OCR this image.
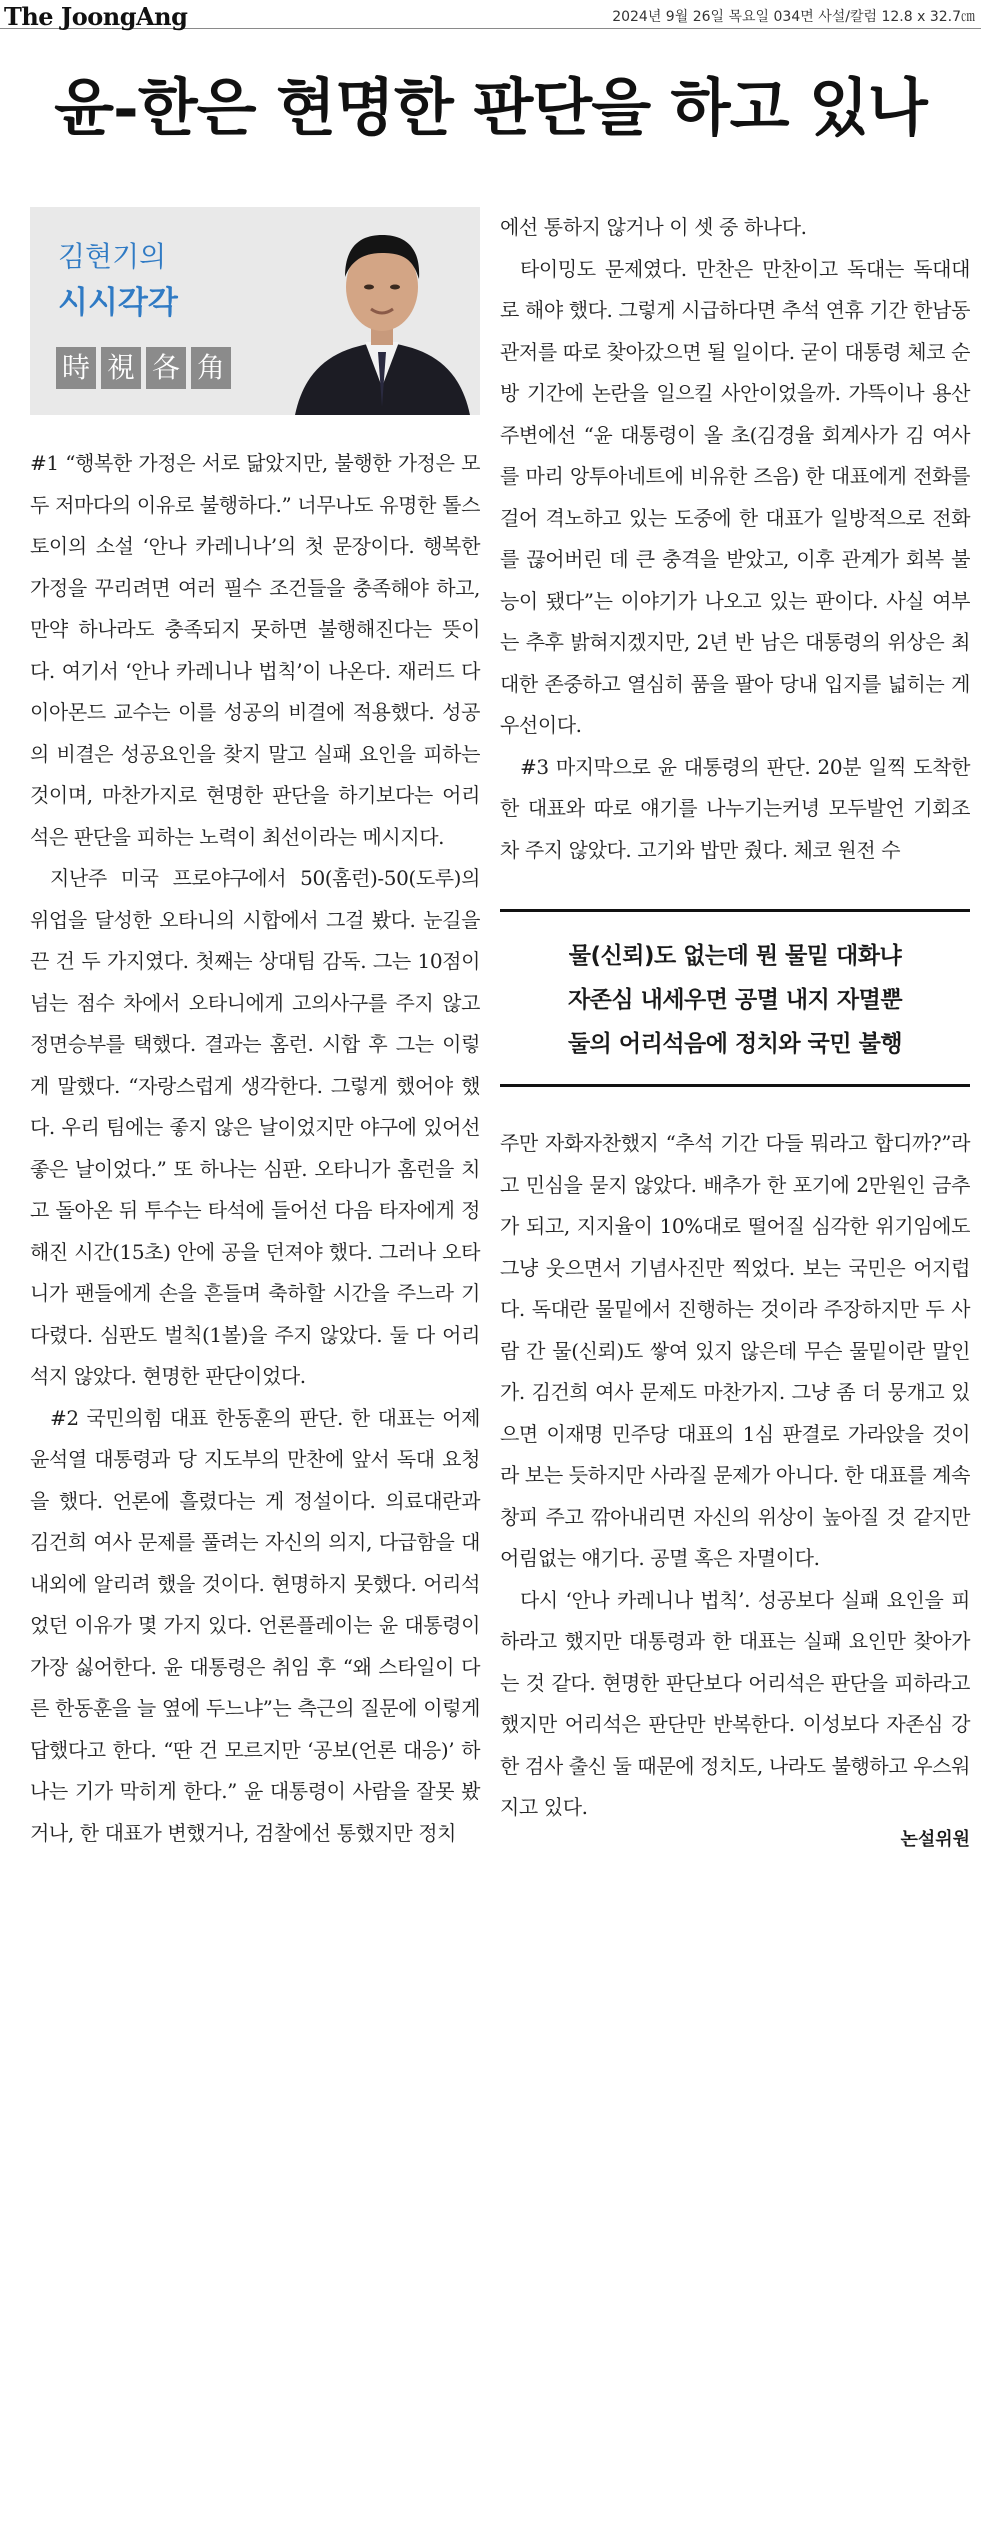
The JoongAng	2024년 9월 26일 목요일 034면 사설/칼럼 12.8 x 32.7㎝
윤-한은 현명한 판단을 하고 있나
김현기의
시시각각
時 視 各 角

#1 “행복한 가정은 서로 닮았지만, 불행한 가정은 모두 저마다의 이유로 불행하다.” 너무나도 유명한 톨스토이의 소설 ‘안나 카레니나’의 첫 문장이다. 행복한 가정을 꾸리려면 여러 필수 조건들을 충족해야 하고, 만약 하나라도 충족되지 못하면 불행해진다는 뜻이다. 여기서 ‘안나 카레니나 법칙’이 나온다. 재러드 다이아몬드 교수는 이를 성공의 비결에 적용했다. 성공의 비결은 성공요인을 찾지 말고 실패 요인을 피하는 것이며, 마찬가지로 현명한 판단을 하기보다는 어리석은 판단을 피하는 노력이 최선이라는 메시지다.

지난주 미국 프로야구에서 50(홈런)-50(도루)의 위업을 달성한 오타니의 시합에서 그걸 봤다. 눈길을 끈 건 두 가지였다. 첫째는 상대팀 감독. 그는 10점이 넘는 점수 차에서 오타니에게 고의사구를 주지 않고 정면승부를 택했다. 결과는 홈런. 시합 후 그는 이렇게 말했다. “자랑스럽게 생각한다. 그렇게 했어야 했다. 우리 팀에는 좋지 않은 날이었지만 야구에 있어선 좋은 날이었다.” 또 하나는 심판. 오타니가 홈런을 치고 돌아온 뒤 투수는 타석에 들어선 다음 타자에게 정해진 시간(15초) 안에 공을 던져야 했다. 그러나 오타니가 팬들에게 손을 흔들며 축하할 시간을 주느라 기다렸다. 심판도 벌칙(1볼)을 주지 않았다. 둘 다 어리석지 않았다. 현명한 판단이었다.

#2 국민의힘 대표 한동훈의 판단. 한 대표는 어제 윤석열 대통령과 당 지도부의 만찬에 앞서 독대 요청을 했다. 언론에 흘렸다는 게 정설이다. 의료대란과 김건희 여사 문제를 풀려는 자신의 의지, 다급함을 대내외에 알리려 했을 것이다. 현명하지 못했다. 어리석었던 이유가 몇 가지 있다. 언론플레이는 윤 대통령이 가장 싫어한다. 윤 대통령은 취임 후 “왜 스타일이 다른 한동훈을 늘 옆에 두느냐”는 측근의 질문에 이렇게 답했다고 한다. “딴 건 모르지만 ‘공보(언론 대응)’ 하나는 기가 막히게 한다.” 윤 대통령이 사람을 잘못 봤거나, 한 대표가 변했거나, 검찰에선 통했지만 정치

에선 통하지 않거나 이 셋 중 하나다.

타이밍도 문제였다. 만찬은 만찬이고 독대는 독대대로 해야 했다. 그렇게 시급하다면 추석 연휴 기간 한남동 관저를 따로 찾아갔으면 될 일이다. 굳이 대통령 체코 순방 기간에 논란을 일으킬 사안이었을까. 가뜩이나 용산 주변에선 “윤 대통령이 올 초(김경율 회계사가 김 여사를 마리 앙투아네트에 비유한 즈음) 한 대표에게 전화를 걸어 격노하고 있는 도중에 한 대표가 일방적으로 전화를 끊어버린 데 큰 충격을 받았고, 이후 관계가 회복 불능이 됐다”는 이야기가 나오고 있는 판이다. 사실 여부는 추후 밝혀지겠지만, 2년 반 남은 대통령의 위상은 최대한 존중하고 열심히 품을 팔아 당내 입지를 넓히는 게 우선이다.

#3 마지막으로 윤 대통령의 판단. 20분 일찍 도착한 한 대표와 따로 얘기를 나누기는커녕 모두발언 기회조차 주지 않았다. 고기와 밥만 줬다. 체코 원전 수

물(신뢰)도 없는데 뭔 물밑 대화냐
자존심 내세우면 공멸 내지 자멸뿐
둘의 어리석음에 정치와 국민 불행

주만 자화자찬했지 “추석 기간 다들 뭐라고 합디까?”라고 민심을 묻지 않았다. 배추가 한 포기에 2만원인 금추가 되고, 지지율이 10%대로 떨어질 심각한 위기임에도 그냥 웃으면서 기념사진만 찍었다. 보는 국민은 어지럽다. 독대란 물밑에서 진행하는 것이라 주장하지만 두 사람 간 물(신뢰)도 쌓여 있지 않은데 무슨 물밑이란 말인가. 김건희 여사 문제도 마찬가지. 그냥 좀 더 뭉개고 있으면 이재명 민주당 대표의 1심 판결로 가라앉을 것이라 보는 듯하지만 사라질 문제가 아니다. 한 대표를 계속 창피 주고 깎아내리면 자신의 위상이 높아질 것 같지만 어림없는 얘기다. 공멸 혹은 자멸이다.

다시 ‘안나 카레니나 법칙’. 성공보다 실패 요인을 피하라고 했지만 대통령과 한 대표는 실패 요인만 찾아가는 것 같다. 현명한 판단보다 어리석은 판단을 피하라고 했지만 어리석은 판단만 반복한다. 이성보다 자존심 강한 검사 출신 둘 때문에 정치도, 나라도 불행하고 우스워지고 있다.

논설위원
